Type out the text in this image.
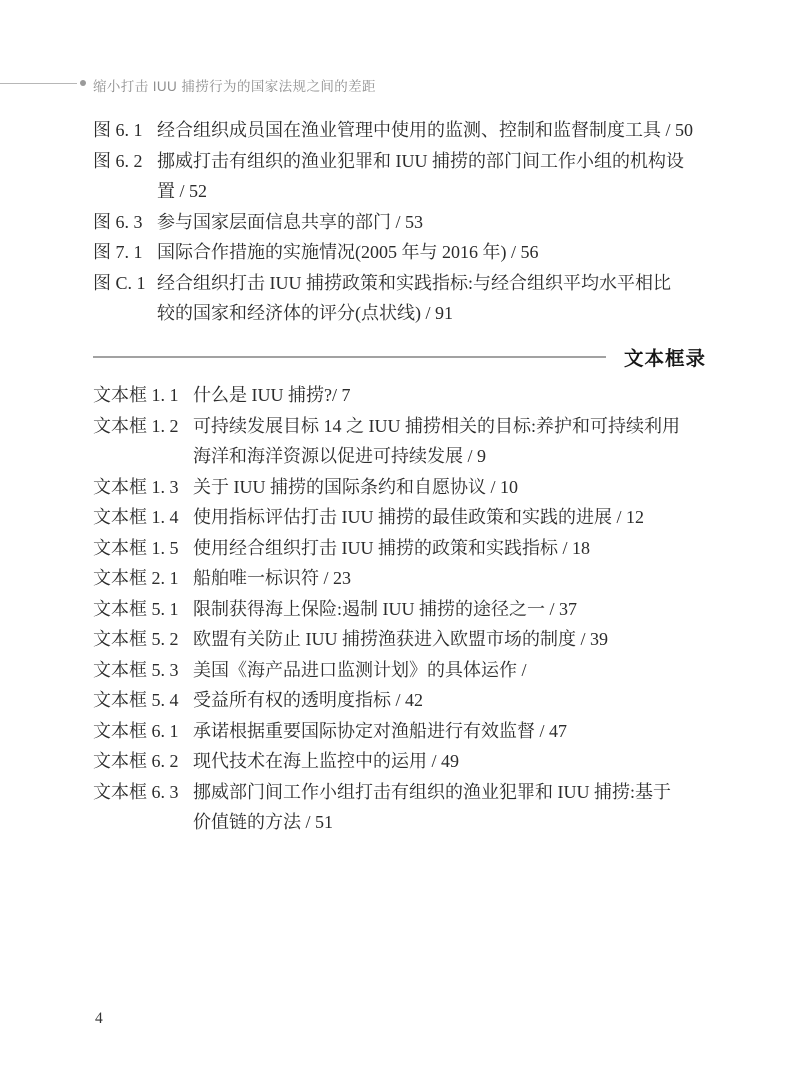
缩小打击 IUU 捕捞行为的国家法规之间的差距
图 6. 1 经合组织成员国在渔业管理中使用的监测、控制和监督制度工具 / 50
图 6. 2 挪威打击有组织的渔业犯罪和 IUU 捕捞的部门间工作小组的机构设
置 / 52
图 6. 3 参与国家层面信息共享的部门 / 53
图 7. 1 国际合作措施的实施情况(2005 年与 2016 年) / 56
图 C. 1 经合组织打击 IUU 捕捞政策和实践指标:与经合组织平均水平相比
较的国家和经济体的评分(点状线) / 91
文本框录
文本框 1. 1 什么是 IUU 捕捞?/ 7
文本框 1. 2 可持续发展目标 14 之 IUU 捕捞相关的目标:养护和可持续利用
海洋和海洋资源以促进可持续发展 / 9
文本框 1. 3 关于 IUU 捕捞的国际条约和自愿协议 / 10
文本框 1. 4 使用指标评估打击 IUU 捕捞的最佳政策和实践的进展 / 12
文本框 1. 5 使用经合组织打击 IUU 捕捞的政策和实践指标 / 18
文本框 2. 1 船舶唯一标识符 / 23
文本框 5. 1 限制获得海上保险:遏制 IUU 捕捞的途径之一 / 37
文本框 5. 2 欧盟有关防止 IUU 捕捞渔获进入欧盟市场的制度 / 39
文本框 5. 3 美国《海产品进口监测计划》的具体运作 /
文本框 5. 4 受益所有权的透明度指标 / 42
文本框 6. 1 承诺根据重要国际协定对渔船进行有效监督 / 47
文本框 6. 2 现代技术在海上监控中的运用 / 49
文本框 6. 3 挪威部门间工作小组打击有组织的渔业犯罪和 IUU 捕捞:基于
价值链的方法 / 51
4
